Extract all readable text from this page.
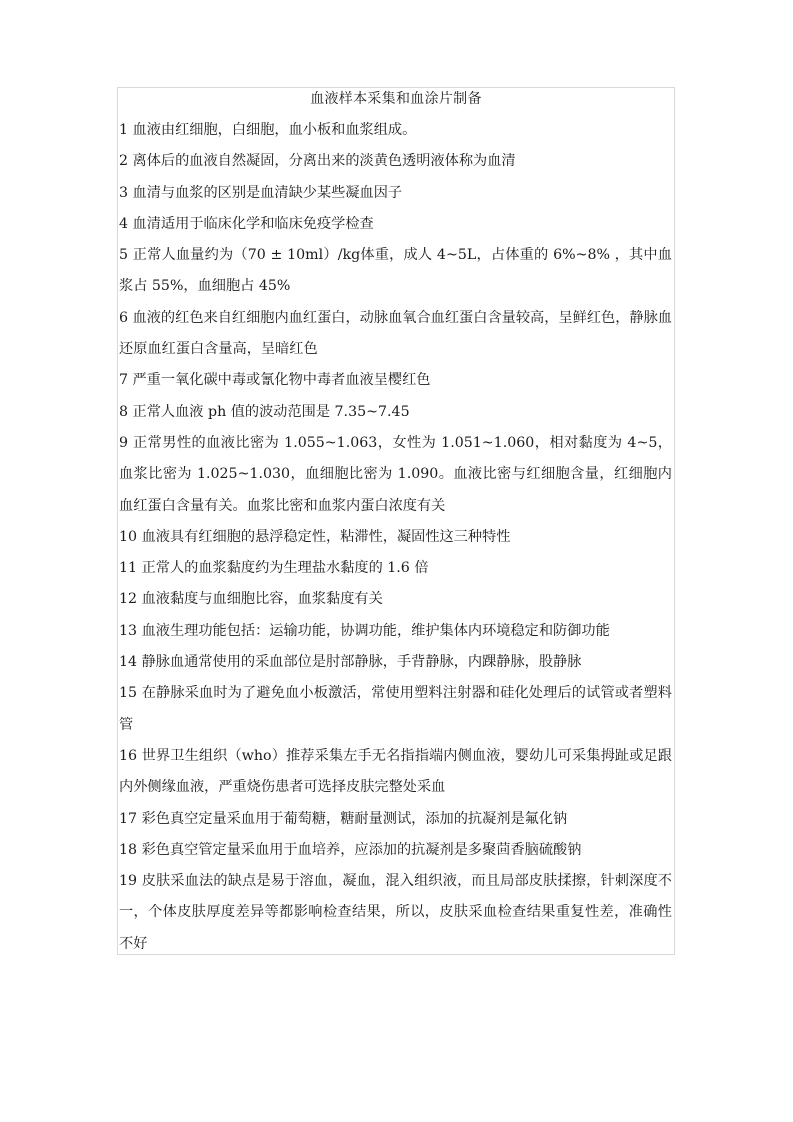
血液样本采集和血涂片制备

1 血液由红细胞，白细胞，血小板和血浆组成。

2 离体后的血液自然凝固，分离出来的淡黄色透明液体称为血清

3 血清与血浆的区别是血清缺少某些凝血因子

4 血清适用于临床化学和临床免疫学检查

5 正常人血量约为（70 ± 10ml）/kg体重，成人 4~5L，占体重的 6%~8% ，其中血浆占 55%，血细胞占 45%

6 血液的红色来自红细胞内血红蛋白，动脉血氧合血红蛋白含量较高，呈鲜红色，静脉血还原血红蛋白含量高，呈暗红色

7 严重一氧化碳中毒或氰化物中毒者血液呈樱红色

8 正常人血液 ph 值的波动范围是 7.35~7.45

9 正常男性的血液比密为 1.055~1.063，女性为 1.051~1.060，相对黏度为 4~5，血浆比密为 1.025~1.030，血细胞比密为 1.090。血液比密与红细胞含量，红细胞内血红蛋白含量有关。血浆比密和血浆内蛋白浓度有关

10 血液具有红细胞的悬浮稳定性，粘滞性，凝固性这三种特性

11 正常人的血浆黏度约为生理盐水黏度的 1.6 倍

12 血液黏度与血细胞比容，血浆黏度有关

13 血液生理功能包括：运输功能，协调功能，维护集体内环境稳定和防御功能

14 静脉血通常使用的采血部位是肘部静脉，手背静脉，内踝静脉，股静脉

15 在静脉采血时为了避免血小板激活，常使用塑料注射器和硅化处理后的试管或者塑料管

16 世界卫生组织（who）推荐采集左手无名指指端内侧血液，婴幼儿可采集拇趾或足跟内外侧缘血液，严重烧伤患者可选择皮肤完整处采血

17 彩色真空定量采血用于葡萄糖，糖耐量测试，添加的抗凝剂是氟化钠

18 彩色真空管定量采血用于血培养，应添加的抗凝剂是多聚茴香脑硫酸钠

19 皮肤采血法的缺点是易于溶血，凝血，混入组织液，而且局部皮肤揉擦，针刺深度不一，个体皮肤厚度差异等都影响检查结果，所以，皮肤采血检查结果重复性差，准确性不好
